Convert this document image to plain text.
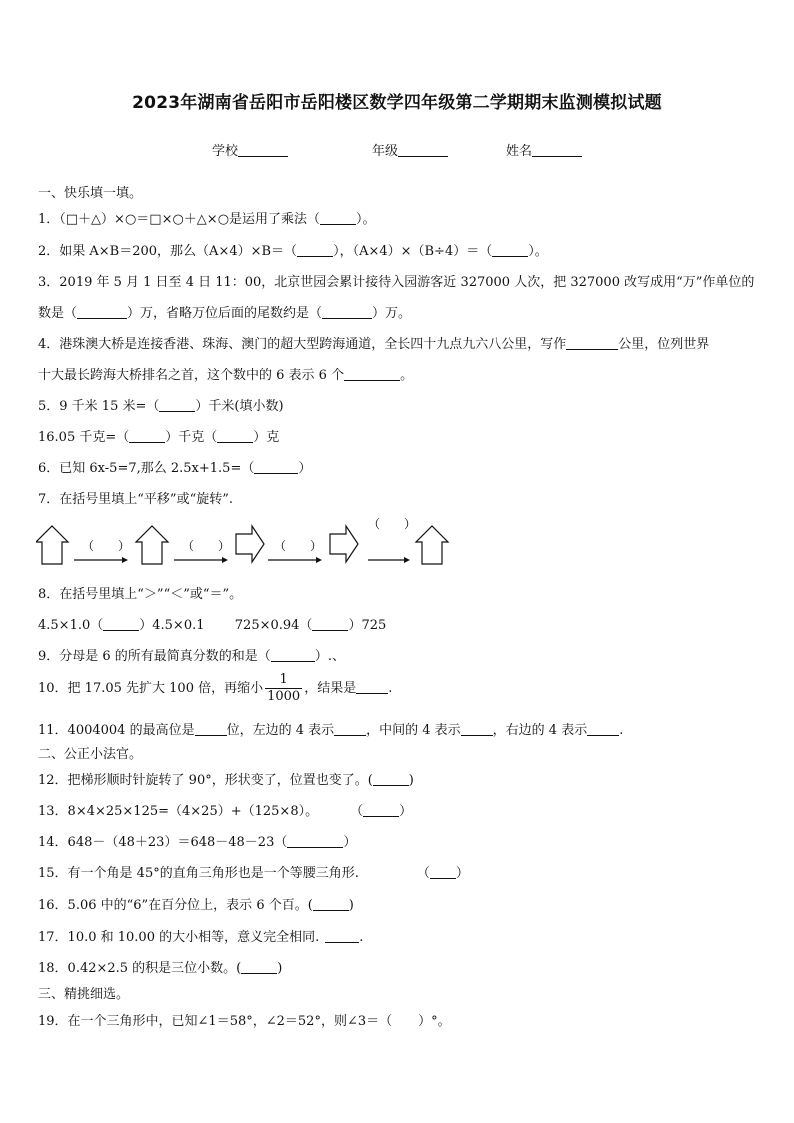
2023年湖南省岳阳市岳阳楼区数学四年级第二学期期末监测模拟试题
学校	年级	姓名
一、快乐填一填。
1．（□＋△）×○＝□×○＋△×○是运用了乘法（	）。
2．如果 A×B＝200，那么（A×4）×B＝（	），（A×4）×（B÷4）＝（	）。
3．2019 年 5 月 1 日至 4 日 11：00，北京世园会累计接待入园游客近 327000 人次，把 327000 改写成用“万”作单位的
数是（	）万，省略万位后面的尾数约是（	）万。
4．港珠澳大桥是连接香港、珠海、澳门的超大型跨海通道，全长四十九点九六八公里，写作	公里，位列世界
十大最长跨海大桥排名之首，这个数中的 6 表示 6 个	。
5．9 千米 15 米=（	）千米(填小数)
16.05 千克=（	）千克（	）克
6．已知 6x-5=7,那么 2.5x+1.5=（	）
7．在括号里填上“平移”或“旋转”.
（　　）	（　　）	（　　）
（　　）
8．在括号里填上“＞”“＜”或“＝”。
4.5×1.0（	）4.5×0.1 725×0.94（	）725
9．分母是 6 的所有最简真分数的和是（	）.、
10．把 17.05 先扩大 100 倍，再缩小 $\frac{1}{1000}$ ，结果是 .
11．4004004 的最高位是 位，左边的 4 表示 ，中间的 4 表示 ，右边的 4 表示 .
二、公正小法官。
12．把梯形顺时针旋转了 90°，形状变了，位置也变了。(	)
13．8×4×25×125=（4×25）+（125×8）。 （	）
14．648－（48＋23）＝648－48－23（	）
15．有一个角是 45°的直角三角形也是一个等腰三角形.	（ ）
16．5.06 中的“6”在百分位上，表示 6 个百。(	)
17．10.0 和 10.00 的大小相等，意义完全相同.	.
18．0.42×2.5 的积是三位小数。(	)
三、精挑细选。
19．在一个三角形中，已知∠1＝58°，∠2＝52°，则∠3＝（　　）°。
